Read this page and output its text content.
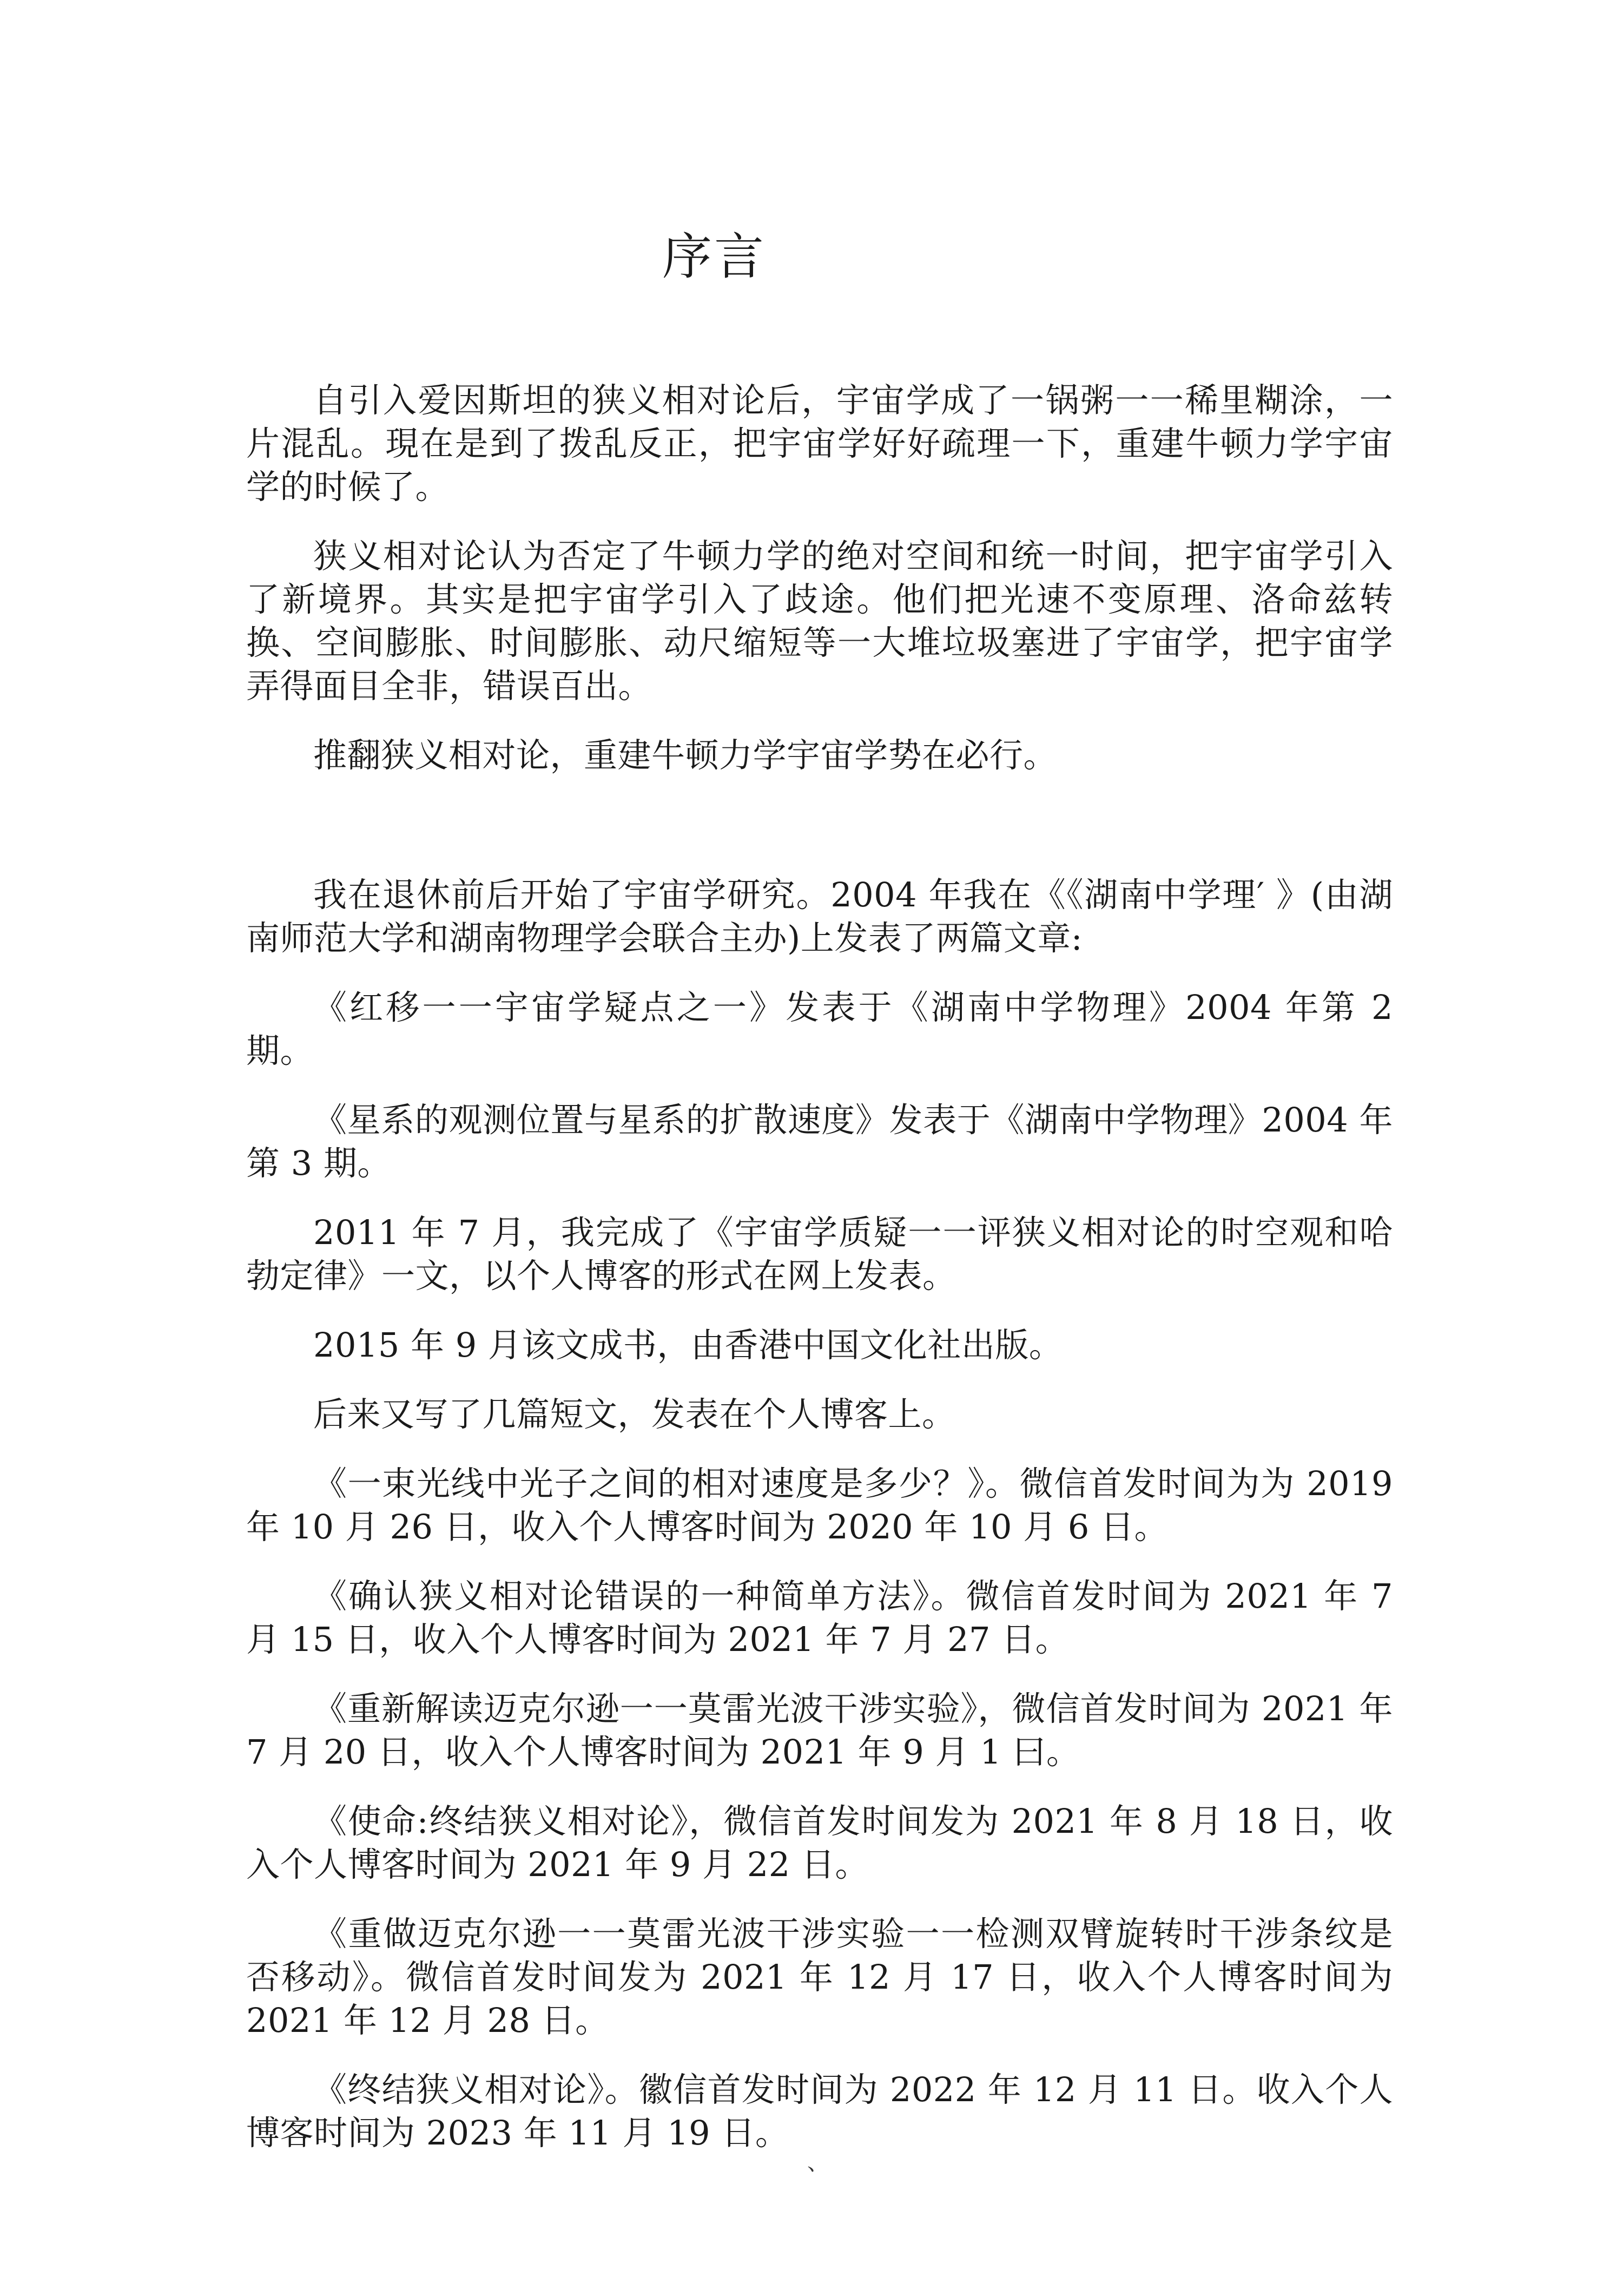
序言

自引入爱因斯坦的狭义相对论后，宇宙学成了一锅粥一一稀里糊涂，一片混乱。現在是到了拨乱反正，把宇宙学好好疏理一下，重建牛顿力学宇宙学的时候了。

狭义相对论认为否定了牛顿力学的绝对空间和统一时间，把宇宙学引入了新境界。其实是把宇宙学引入了歧途。他们把光速不变原理、洛命兹转换、空间膨胀、时间膨胀、动尺缩短等一大堆垃圾塞进了宇宙学，把宇宙学弄得面目全非，错误百出。

推翻狭义相对论，重建牛顿力学宇宙学势在必行。

我在退休前后开始了宇宙学研究。2004 年我在《《湖南中学理′ 》(由湖南师范大学和湖南物理学会联合主办)上发表了两篇文章:

《红移一一宇宙学疑点之一》发表于《湖南中学物理》2004 年第 2 期。

《星系的观测位置与星系的扩散速度》发表于《湖南中学物理》2004 年第 3 期。

2011 年 7 月，我完成了《宇宙学质疑一一评狭义相对论的时空观和哈勃定律》一文，以个人博客的形式在网上发表。

2015 年 9 月该文成书，由香港中国文化社出版。

后来又写了几篇短文，发表在个人博客上。

《一束光线中光子之间的相对速度是多少？》。微信首发时间为为 2019 年 10 月 26 日，收入个人博客时间为 2020 年 10 月 6 日。

《确认狭义相对论错误的一种简单方法》。微信首发时间为 2021 年 7 月 15 日，收入个人博客时间为 2021 年 7 月 27 日。

《重新解读迈克尔逊一一莫雷光波干涉实验》，微信首发时间为 2021 年 7 月 20 日，收入个人博客时间为 2021 年 9 月 1 曰。

《使命:终结狭义相对论》，微信首发时间发为 2021 年 8 月 18 日，收入个人博客时间为 2021 年 9 月 22 日。

《重做迈克尔逊一一莫雷光波干涉实验一一检测双臂旋转时干涉条纹是否移动》。微信首发时间发为 2021 年 12 月 17 日，收入个人博客时间为 2021 年 12 月 28 日。

《终结狭义相对论》。徽信首发时间为 2022 年 12 月 11 日。收入个人博客时间为 2023 年 11 月 19 日。

、
